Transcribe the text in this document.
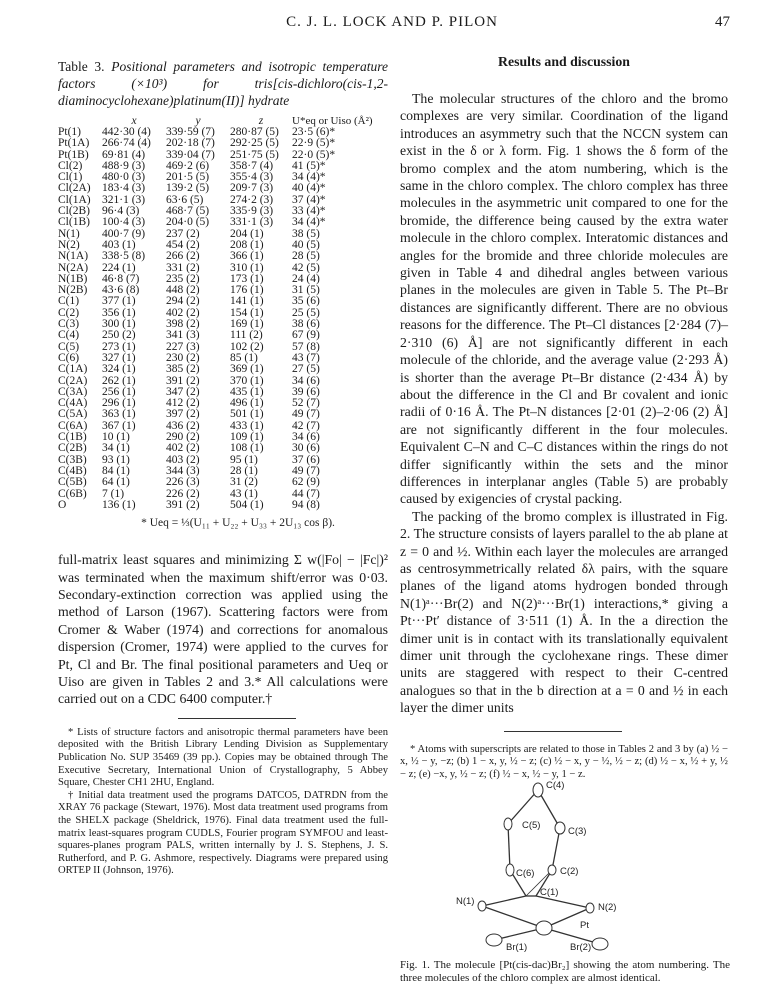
C. J. L. LOCK AND P. PILON	47
Table 3. Positional parameters and isotropic temperature factors (×10³) for tris[cis-dichloro(cis-1,2-diaminocyclohexane)platinum(II)] hydrate
	x	y	z	U*eq or Uiso (Å²)
Pt(1)	442·30 (4)	339·59 (7)	280·87 (5)	23·5 (6)*
Pt(1A)	266·74 (4)	202·18 (7)	292·25 (5)	22·9 (5)*
Pt(1B)	69·81 (4)	339·04 (7)	251·75 (5)	22·0 (5)*
Cl(2)	488·9 (3)	469·2 (6)	358·7 (4)	41 (5)*
Cl(1)	480·0 (3)	201·5 (5)	355·4 (3)	34 (4)*
Cl(2A)	183·4 (3)	139·2 (5)	209·7 (3)	40 (4)*
Cl(1A)	321·1 (3)	63·6 (5)	274·2 (3)	37 (4)*
Cl(2B)	96·4 (3)	468·7 (5)	335·9 (3)	33 (4)*
Cl(1B)	100·4 (3)	204·0 (5)	331·1 (3)	34 (4)*
N(1)	400·7 (9)	237 (2)	204 (1)	38 (5)
N(2)	403 (1)	454 (2)	208 (1)	40 (5)
N(1A)	338·5 (8)	266 (2)	366 (1)	28 (5)
N(2A)	224 (1)	331 (2)	310 (1)	42 (5)
N(1B)	46·8 (7)	235 (2)	173 (1)	24 (4)
N(2B)	43·6 (8)	448 (2)	176 (1)	31 (5)
C(1)	377 (1)	294 (2)	141 (1)	35 (6)
C(2)	356 (1)	402 (2)	154 (1)	25 (5)
C(3)	300 (1)	398 (2)	169 (1)	38 (6)
C(4)	250 (2)	341 (3)	111 (2)	67 (9)
C(5)	273 (1)	227 (3)	102 (2)	57 (8)
C(6)	327 (1)	230 (2)	85 (1)	43 (7)
C(1A)	324 (1)	385 (2)	369 (1)	27 (5)
C(2A)	262 (1)	391 (2)	370 (1)	34 (6)
C(3A)	256 (1)	347 (2)	435 (1)	39 (6)
C(4A)	296 (1)	412 (2)	496 (1)	52 (7)
C(5A)	363 (1)	397 (2)	501 (1)	49 (7)
C(6A)	367 (1)	436 (2)	433 (1)	42 (7)
C(1B)	10 (1)	290 (2)	109 (1)	34 (6)
C(2B)	34 (1)	402 (2)	108 (1)	30 (6)
C(3B)	93 (1)	403 (2)	95 (1)	37 (6)
C(4B)	84 (1)	344 (3)	28 (1)	49 (7)
C(5B)	64 (1)	226 (3)	31 (2)	62 (9)
C(6B)	7 (1)	226 (2)	43 (1)	44 (7)
O	136 (1)	391 (2)	504 (1)	94 (8)
* Ueq = ⅓(U₁₁ + U₂₂ + U₃₃ + 2U₁₃ cos β).
full-matrix least squares and minimizing Σ w(|Fo| − |Fc|)² was terminated when the maximum shift/error was 0·03. Secondary-extinction correction was applied using the method of Larson (1967). Scattering factors were from Cromer & Waber (1974) and corrections for anomalous dispersion (Cromer, 1974) were applied to the curves for Pt, Cl and Br. The final positional parameters and Ueq or Uiso are given in Tables 2 and 3.* All calculations were carried out on a CDC 6400 computer.†

* Lists of structure factors and anisotropic thermal parameters have been deposited with the British Library Lending Division as Supplementary Publication No. SUP 35469 (39 pp.). Copies may be obtained through The Executive Secretary, International Union of Crystallography, 5 Abbey Square, Chester CH1 2HU, England.

† Initial data treatment used the programs DATCO5, DATRDN from the XRAY 76 package (Stewart, 1976). Most data treatment used programs from the SHELX package (Sheldrick, 1976). Final data treatment used the full-matrix least-squares program CUDLS, Fourier program SYMFOU and least-squares-planes program PALS, written internally by J. S. Stephens, J. S. Rutherford, and P. G. Ashmore, respectively. Diagrams were prepared using ORTEP II (Johnson, 1976).

Results and discussion

The molecular structures of the chloro and the bromo complexes are very similar. Coordination of the ligand introduces an asymmetry such that the NCCN system can exist in the δ or λ form. Fig. 1 shows the δ form of the bromo complex and the atom numbering, which is the same in the chloro complex. The chloro complex has three molecules in the asymmetric unit compared to one for the bromide, the difference being caused by the extra water molecule in the chloro complex. Interatomic distances and angles for the bromide and three chloride molecules are given in Table 4 and dihedral angles between various planes in the molecules are given in Table 5. The Pt–Br distances are significantly different. There are no obvious reasons for the difference. The Pt–Cl distances [2·284 (7)–2·310 (6) Å] are not significantly different in each molecule of the chloride, and the average value (2·293 Å) is shorter than the average Pt–Br distance (2·434 Å) by about the difference in the Cl and Br covalent and ionic radii of 0·16 Å. The Pt–N distances [2·01 (2)–2·06 (2) Å] are not significantly different in the four molecules. Equivalent C–N and C–C distances within the rings do not differ significantly within the sets and the minor differences in interplanar angles (Table 5) are probably caused by exigencies of crystal packing.

The packing of the bromo complex is illustrated in Fig. 2. The structure consists of layers parallel to the ab plane at z = 0 and ½. Within each layer the molecules are arranged as centrosymmetrically related δλ pairs, with the square planes of the ligand atoms hydrogen bonded through N(1)ᵃ···Br(2) and N(2)ᵃ···Br(1) interactions,* giving a Pt···Pt′ distance of 3·511 (1) Å. In the a direction the dimer unit is in contact with its translationally equivalent dimer unit through the cyclohexane rings. These dimer units are staggered with respect to their C-centred analogues so that in the b direction at a = 0 and ½ in each layer the dimer units

* Atoms with superscripts are related to those in Tables 2 and 3 by (a) ½ − x, ½ − y, −z; (b) 1 − x, y, ½ − z; (c) ½ − x, y − ½, ½ − z; (d) ½ − x, ½ + y, ½ − z; (e) −x, y, ½ − z; (f) ½ − x, ½ − y, 1 − z.
C(4)
C(5)
C(3)
C(6)	C(2)
N(1)
C(1)
N(2)
Pt
Br(1)	Br(2)
Fig. 1. The molecule [Pt(cis-dac)Br₂] showing the atom numbering. The three molecules of the chloro complex are almost identical.
